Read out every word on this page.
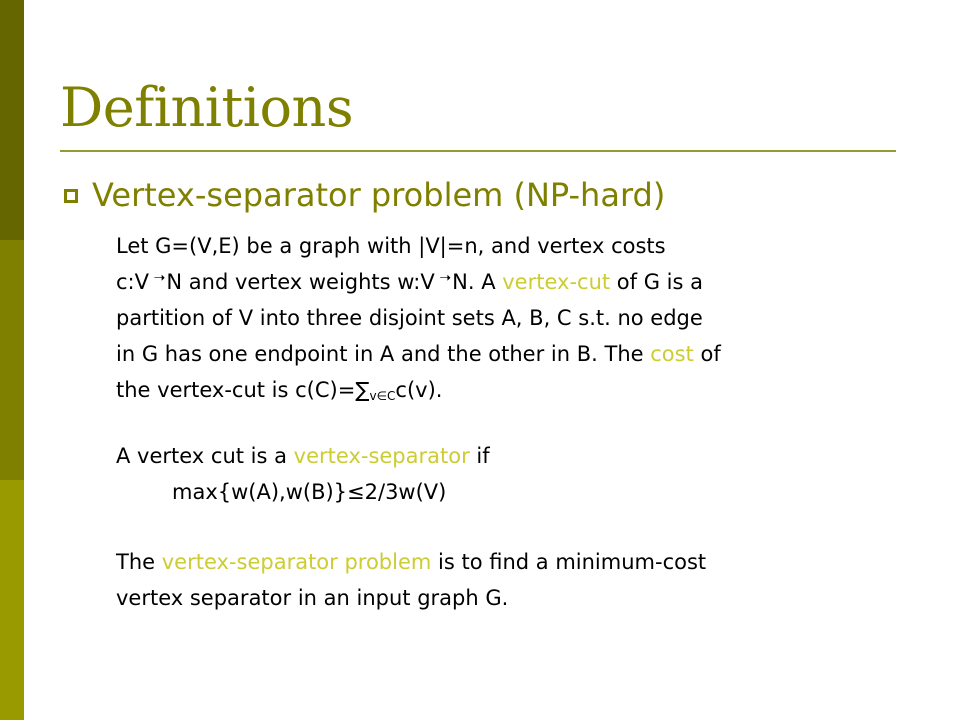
Definitions
Vertex-separator problem (NP-hard)
Let G=(V,E) be a graph with |V|=n, and vertex costs
c:V ➝N and vertex weights w:V ➝N. A vertex-cut of G is a
partition of V into three disjoint sets A, B, C s.t. no edge
in G has one endpoint in A and the other in B. The cost of
the vertex-cut is $c(C)=\sum_{v\in C}c(v)$.
A vertex cut is a vertex-separator if
max{w(A),w(B)}≤2/3w(V)
The vertex-separator problem is to find a minimum-cost
vertex separator in an input graph G.
